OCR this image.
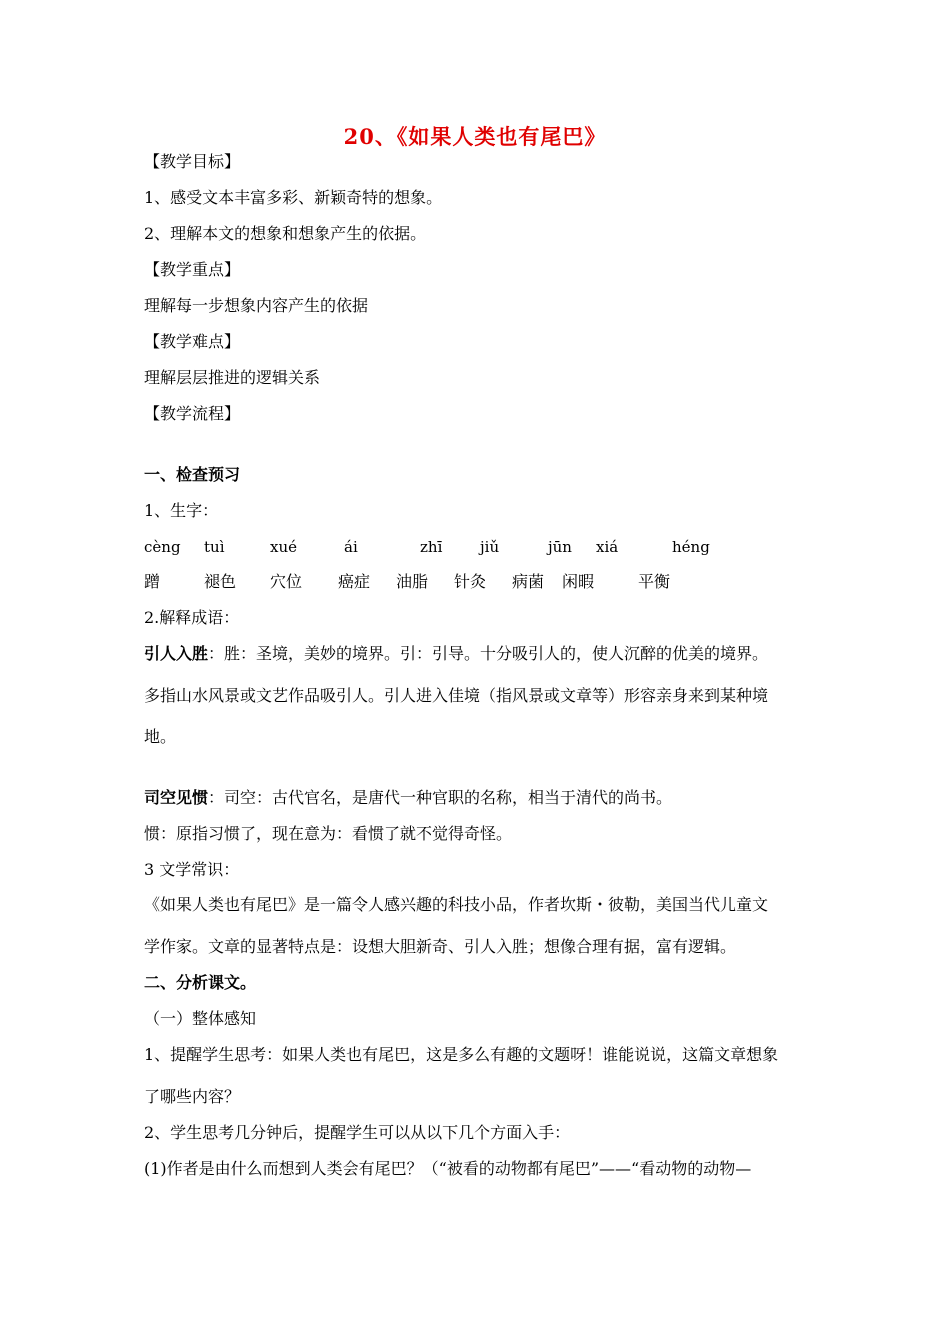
20、《如果人类也有尾巴》
【教学目标】
1、感受文本丰富多彩、新颖奇特的想象。
2、理解本文的想象和想象产生的依据。
【教学重点】
理解每一步想象内容产生的依据
【教学难点】
理解层层推进的逻辑关系
【教学流程】
一、检查预习
1、生字：
cèng tuì	xué	ái	zhī	jiǔ	jūn xiá	héng
蹭	褪色 穴位 癌症 油脂 针灸 病菌 闲暇	平衡
2.解释成语：
引人入胜：胜：圣境，美妙的境界。引：引导。十分吸引人的，使人沉醉的优美的境界。
多指山水风景或文艺作品吸引人。引人进入佳境（指风景或文章等）形容亲身来到某种境
地。
司空见惯：司空：古代官名，是唐代一种官职的名称，相当于清代的尚书。
惯：原指习惯了，现在意为：看惯了就不觉得奇怪。
3 文学常识：
《如果人类也有尾巴》是一篇令人感兴趣的科技小品，作者坎斯・彼勒，美国当代儿童文
学作家。文章的显著特点是：设想大胆新奇、引人入胜；想像合理有据，富有逻辑。
二、分析课文。
（一）整体感知
1、提醒学生思考：如果人类也有尾巴，这是多么有趣的文题呀！谁能说说，这篇文章想象
了哪些内容？
2、学生思考几分钟后，提醒学生可以从以下几个方面入手：
(1)作者是由什么而想到人类会有尾巴？（“被看的动物都有尾巴”——“看动物的动物—
